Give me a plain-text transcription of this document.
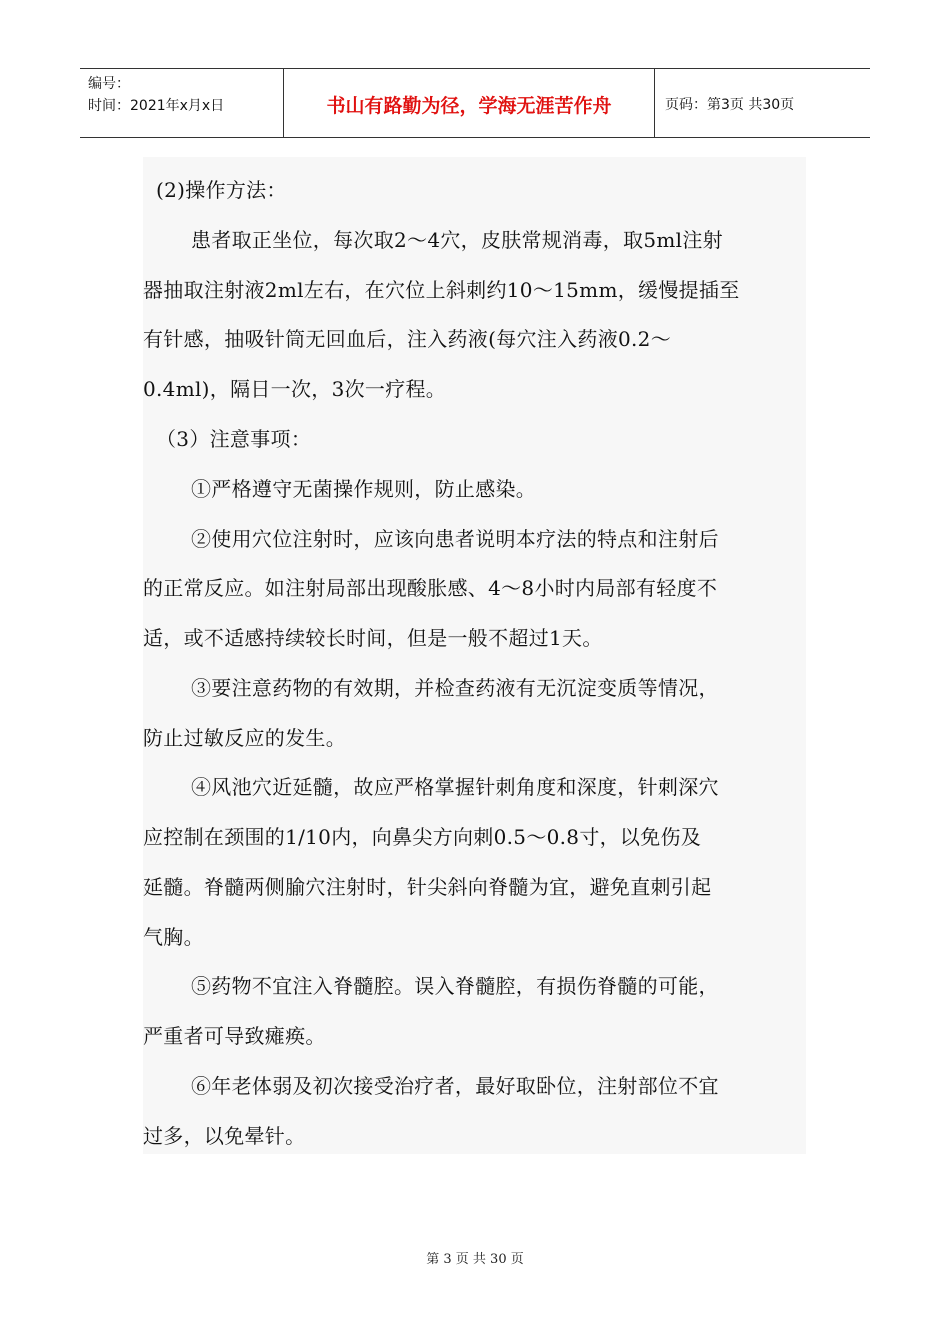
编号：
时间：2021年x月x日	书山有路勤为径，学海无涯苦作舟	页码：第3页 共30页
(2)操作方法：
患者取正坐位，每次取2～4穴，皮肤常规消毒，取5ml注射
器抽取注射液2ml左右，在穴位上斜刺约10～15mm，缓慢提插至
有针感，抽吸针筒无回血后，注入药液(每穴注入药液0.2～
0.4ml)，隔日一次，3次一疗程。
（3）注意事项：
①严格遵守无菌操作规则，防止感染。
②使用穴位注射时，应该向患者说明本疗法的特点和注射后
的正常反应。如注射局部出现酸胀感、4～8小时内局部有轻度不
适，或不适感持续较长时间，但是一般不超过1天。
③要注意药物的有效期，并检查药液有无沉淀变质等情况，
防止过敏反应的发生。
④风池穴近延髓，故应严格掌握针刺角度和深度，针刺深穴
应控制在颈围的1/10内，向鼻尖方向刺0.5～0.8寸，以免伤及
延髓。脊髓两侧腧穴注射时，针尖斜向脊髓为宜，避免直刺引起
气胸。
⑤药物不宜注入脊髓腔。误入脊髓腔，有损伤脊髓的可能，
严重者可导致瘫痪。
⑥年老体弱及初次接受治疗者，最好取卧位，注射部位不宜
过多，以免晕针。
第 3 页 共 30 页
